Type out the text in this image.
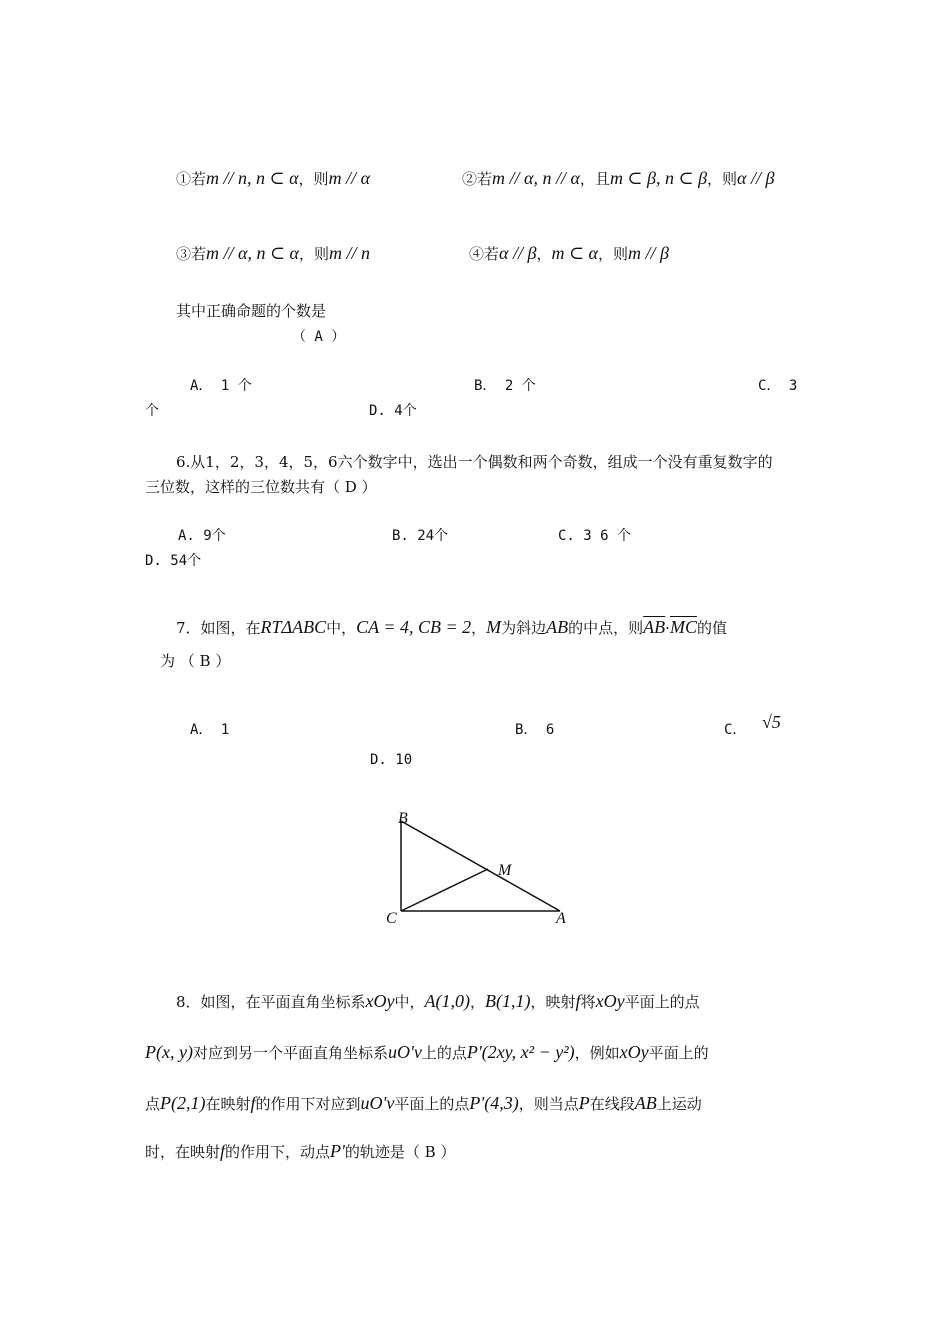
①若m // n, n ⊂ α，则m // α	②若m // α, n // α，且m ⊂ β, n ⊂ β，则α // β
③若m // α, n ⊂ α，则m // n	④若α // β，m ⊂ α，则m // β
其中正确命题的个数是
（ A ）
A． 1 个	B． 2 个	C． 3
个	D. 4个
6.从1，2，3，4，5，6六个数字中，选出一个偶数和两个奇数，组成一个没有重复数字的
三位数，这样的三位数共有（ D ）
A. 9个	B. 24个	C. 3 6 个
D. 54个
7．如图，在RTΔABC中，CA = 4, CB = 2，M为斜边AB的中点，则$\overline{AB}\cdot\overline{MC}$的值
为 （ B ）
A． 1	B． 6	C． √5
D. 10
B
M
C	A
8．如图，在平面直角坐标系xOy中，A(1,0)，B(1,1)，映射f将xOy平面上的点
P(x, y)对应到另一个平面直角坐标系uO'v上的点P'(2xy, x² − y²)，例如xOy平面上的
点P(2,1)在映射f的作用下对应到uO'v平面上的点P'(4,3)，则当点P在线段AB上运动
时，在映射f的作用下，动点P'的轨迹是（ B ）
